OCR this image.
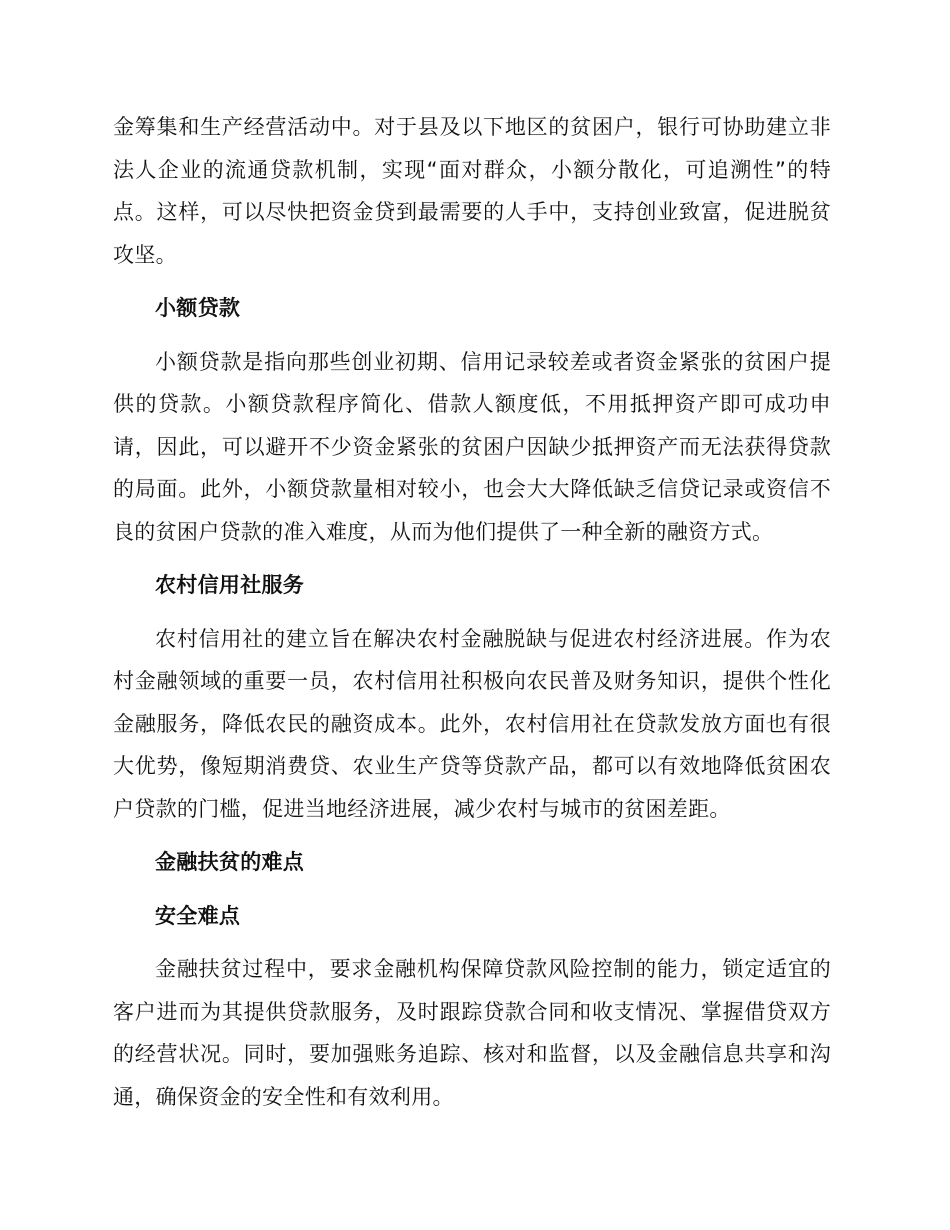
金筹集和生产经营活动中。对于县及以下地区的贫困户，银行可协助建立非法人企业的流通贷款机制，实现“面对群众，小额分散化，可追溯性”的特点。这样，可以尽快把资金贷到最需要的人手中，支持创业致富，促进脱贫攻坚。

小额贷款

小额贷款是指向那些创业初期、信用记录较差或者资金紧张的贫困户提供的贷款。小额贷款程序简化、借款人额度低，不用抵押资产即可成功申请，因此，可以避开不少资金紧张的贫困户因缺少抵押资产而无法获得贷款的局面。此外，小额贷款量相对较小，也会大大降低缺乏信贷记录或资信不良的贫困户贷款的准入难度，从而为他们提供了一种全新的融资方式。

农村信用社服务

农村信用社的建立旨在解决农村金融脱缺与促进农村经济进展。作为农村金融领域的重要一员，农村信用社积极向农民普及财务知识，提供个性化金融服务，降低农民的融资成本。此外，农村信用社在贷款发放方面也有很大优势，像短期消费贷、农业生产贷等贷款产品，都可以有效地降低贫困农户贷款的门槛，促进当地经济进展，减少农村与城市的贫困差距。

金融扶贫的难点

安全难点

金融扶贫过程中，要求金融机构保障贷款风险控制的能力，锁定适宜的客户进而为其提供贷款服务，及时跟踪贷款合同和收支情况、掌握借贷双方的经营状况。同时，要加强账务追踪、核对和监督，以及金融信息共享和沟通，确保资金的安全性和有效利用。
